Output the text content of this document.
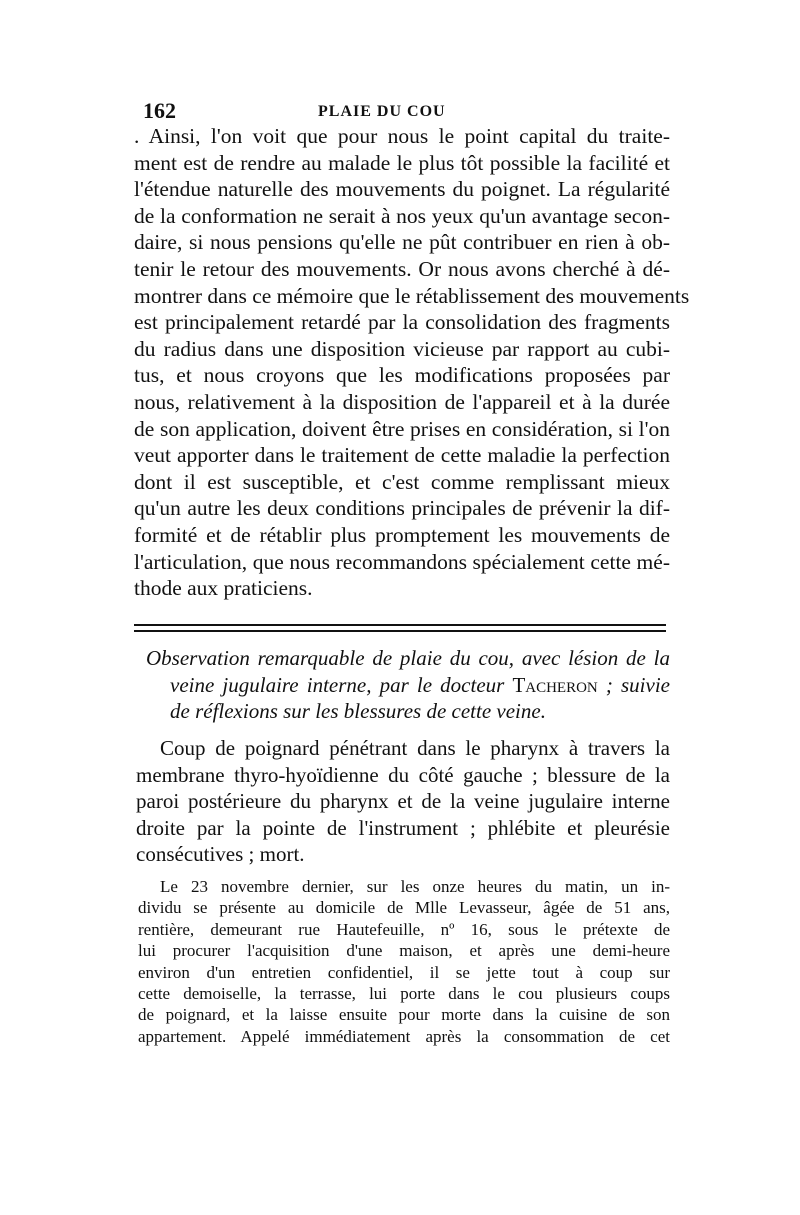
162	PLAIE DU COU
. Ainsi, l'on voit que pour nous le point capital du traite-
ment est de rendre au malade le plus tôt possible la facilité et
l'étendue naturelle des mouvements du poignet. La régularité
de la conformation ne serait à nos yeux qu'un avantage secon-
daire, si nous pensions qu'elle ne pût contribuer en rien à ob-
tenir le retour des mouvements. Or nous avons cherché à dé-
montrer dans ce mémoire que le rétablissement des mouvements
est principalement retardé par la consolidation des fragments
du radius dans une disposition vicieuse par rapport au cubi-
tus, et nous croyons que les modifications proposées par
nous, relativement à la disposition de l'appareil et à la durée
de son application, doivent être prises en considération, si l'on
veut apporter dans le traitement de cette maladie la perfection
dont il est susceptible, et c'est comme remplissant mieux
qu'un autre les deux conditions principales de prévenir la dif-
formité et de rétablir plus promptement les mouvements de
l'articulation, que nous recommandons spécialement cette mé-
thode aux praticiens.
Observation remarquable de plaie du cou, avec lésion de la
veine jugulaire interne, par le docteur Tacheron ; suivie
de réflexions sur les blessures de cette veine.
Coup de poignard pénétrant dans le pharynx à travers la
membrane thyro-hyoïdienne du côté gauche ; blessure de la
paroi postérieure du pharynx et de la veine jugulaire interne
droite par la pointe de l'instrument ; phlébite et pleurésie
consécutives ; mort.
Le 23 novembre dernier, sur les onze heures du matin, un in-
dividu se présente au domicile de Mlle Levasseur, âgée de 51 ans,
rentière, demeurant rue Hautefeuille, nº 16, sous le prétexte de
lui procurer l'acquisition d'une maison, et après une demi-heure
environ d'un entretien confidentiel, il se jette tout à coup sur
cette demoiselle, la terrasse, lui porte dans le cou plusieurs coups
de poignard, et la laisse ensuite pour morte dans la cuisine de son
appartement. Appelé immédiatement après la consommation de cet
